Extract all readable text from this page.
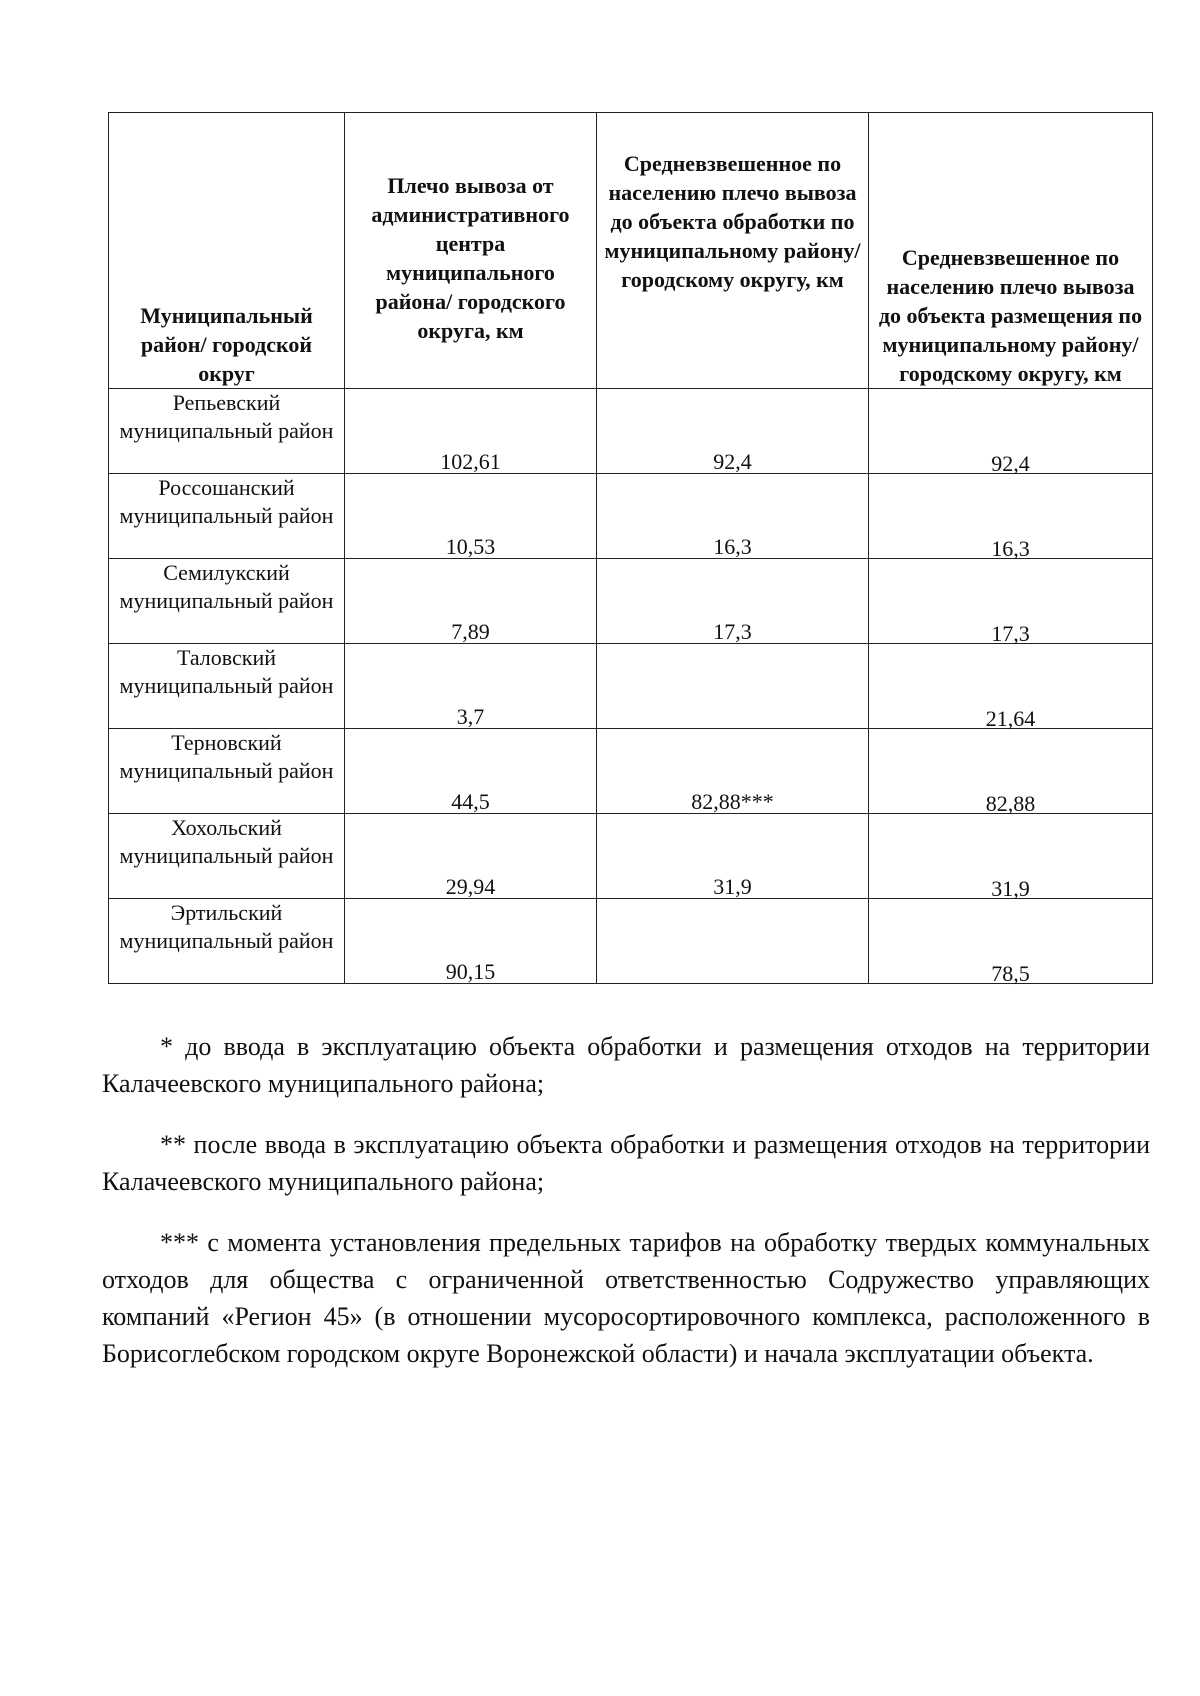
Муниципальный район/ городской округ	Плечо вывоза от административного центра муниципального района/ городского округа, км	Средневзвешенное по населению плечо вывоза до объекта обработки по муниципальному району/ городскому округу, км	Средневзвешенное по населению плечо вывоза до объекта размещения по муниципальному району/ городскому округу, км

Репьевский муниципальный район	102,61	92,4	92,4
Россошанский муниципальный район	10,53	16,3	16,3
Семилукский муниципальный район	7,89	17,3	17,3
Таловский муниципальный район	3,7		21,64
Терновский муниципальный район	44,5	82,88***	82,88
Хохольский муниципальный район	29,94	31,9	31,9
Эртильский муниципальный район	90,15		78,5

* до ввода в эксплуатацию объекта обработки и размещения отходов на территории Калачеевского муниципального района;

** после ввода в эксплуатацию объекта обработки и размещения отходов на территории Калачеевского муниципального района;

*** с момента установления предельных тарифов на обработку твердых коммунальных отходов для общества с ограниченной ответственностью Содружество управляющих компаний «Регион 45» (в отношении мусоросортировочного комплекса, расположенного в Борисоглебском городском округе Воронежской области) и начала эксплуатации объекта.
